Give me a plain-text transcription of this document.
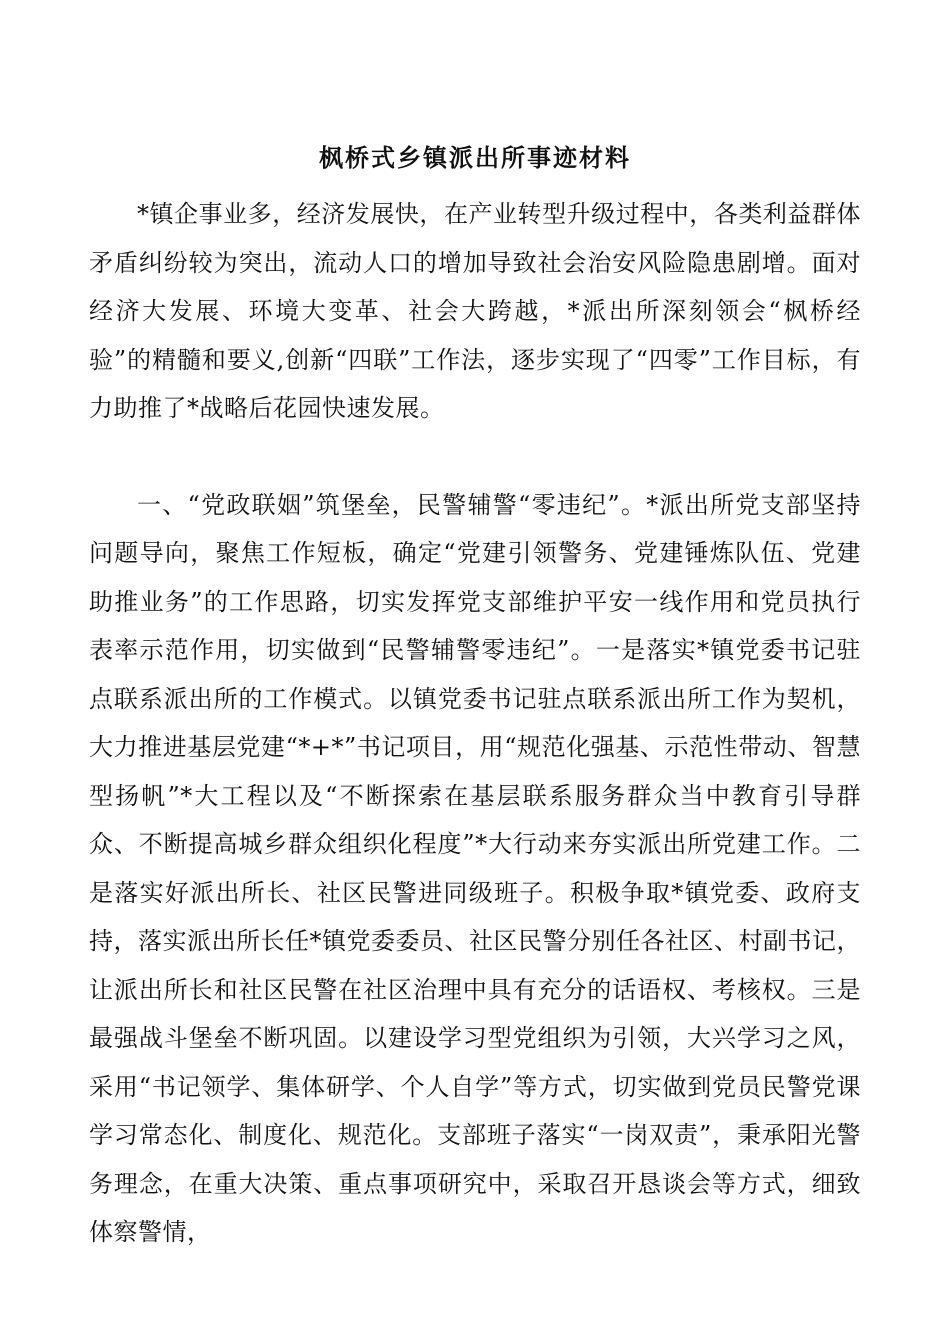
枫桥式乡镇派出所事迹材料

*镇企事业多，经济发展快，在产业转型升级过程中，各类利益群体矛盾纠纷较为突出，流动人口的增加导致社会治安风险隐患剧增。面对经济大发展、环境大变革、社会大跨越，*派出所深刻领会“枫桥经验”的精髓和要义,创新“四联”工作法，逐步实现了“四零”工作目标，有力助推了*战略后花园快速发展。

一、“党政联姻”筑堡垒，民警辅警“零违纪”。*派出所党支部坚持问题导向，聚焦工作短板，确定“党建引领警务、党建锤炼队伍、党建助推业务”的工作思路，切实发挥党支部维护平安一线作用和党员执行表率示范作用，切实做到“民警辅警零违纪”。一是落实*镇党委书记驻点联系派出所的工作模式。以镇党委书记驻点联系派出所工作为契机，大力推进基层党建“*+*”书记项目，用“规范化强基、示范性带动、智慧型扬帆”*大工程以及“不断探索在基层联系服务群众当中教育引导群众、不断提高城乡群众组织化程度”*大行动来夯实派出所党建工作。二是落实好派出所长、社区民警进同级班子。积极争取*镇党委、政府支持，落实派出所长任*镇党委委员、社区民警分别任各社区、村副书记，让派出所长和社区民警在社区治理中具有充分的话语权、考核权。三是最强战斗堡垒不断巩固。以建设学习型党组织为引领，大兴学习之风，采用“书记领学、集体研学、个人自学”等方式，切实做到党员民警党课学习常态化、制度化、规范化。支部班子落实“一岗双责”，秉承阳光警务理念，在重大决策、重点事项研究中，采取召开恳谈会等方式，细致体察警情，
